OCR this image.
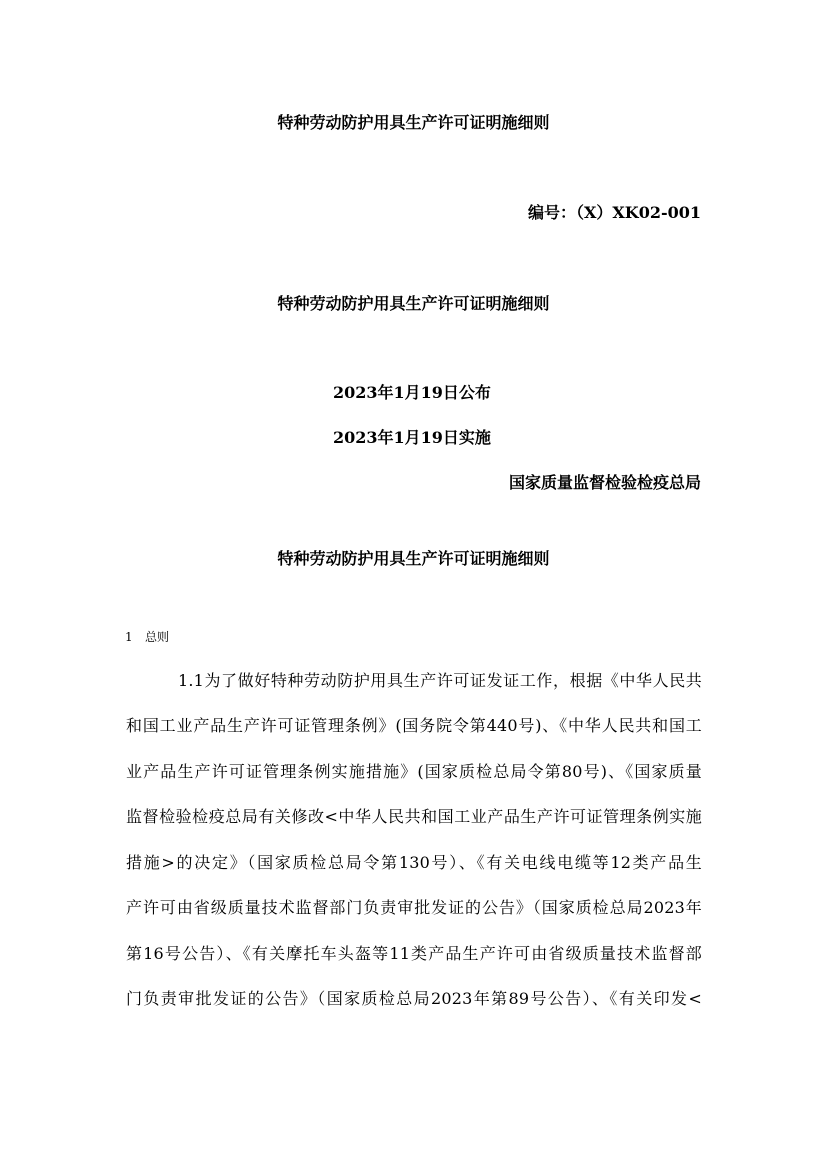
特种劳动防护用具生产许可证明施细则
编号：（X）XK02-001
特种劳动防护用具生产许可证明施细则
2023年1月19日公布
2023年1月19日实施
国家质量监督检验检疫总局
特种劳动防护用具生产许可证明施细则
1 总则
1.1为了做好特种劳动防护用具生产许可证发证工作，根据《中华人民共
和国工业产品生产许可证管理条例》(国务院令第440号)、《中华人民共和国工
业产品生产许可证管理条例实施措施》(国家质检总局令第80号)、《国家质量
监督检验检疫总局有关修改<中华人民共和国工业产品生产许可证管理条例实施
措施>的决定》（国家质检总局令第130号）、《有关电线电缆等12类产品生
产许可由省级质量技术监督部门负责审批发证的公告》（国家质检总局2023年
第16号公告）、《有关摩托车头盔等11类产品生产许可由省级质量技术监督部
门负责审批发证的公告》（国家质检总局2023年第89号公告）、《有关印发<
